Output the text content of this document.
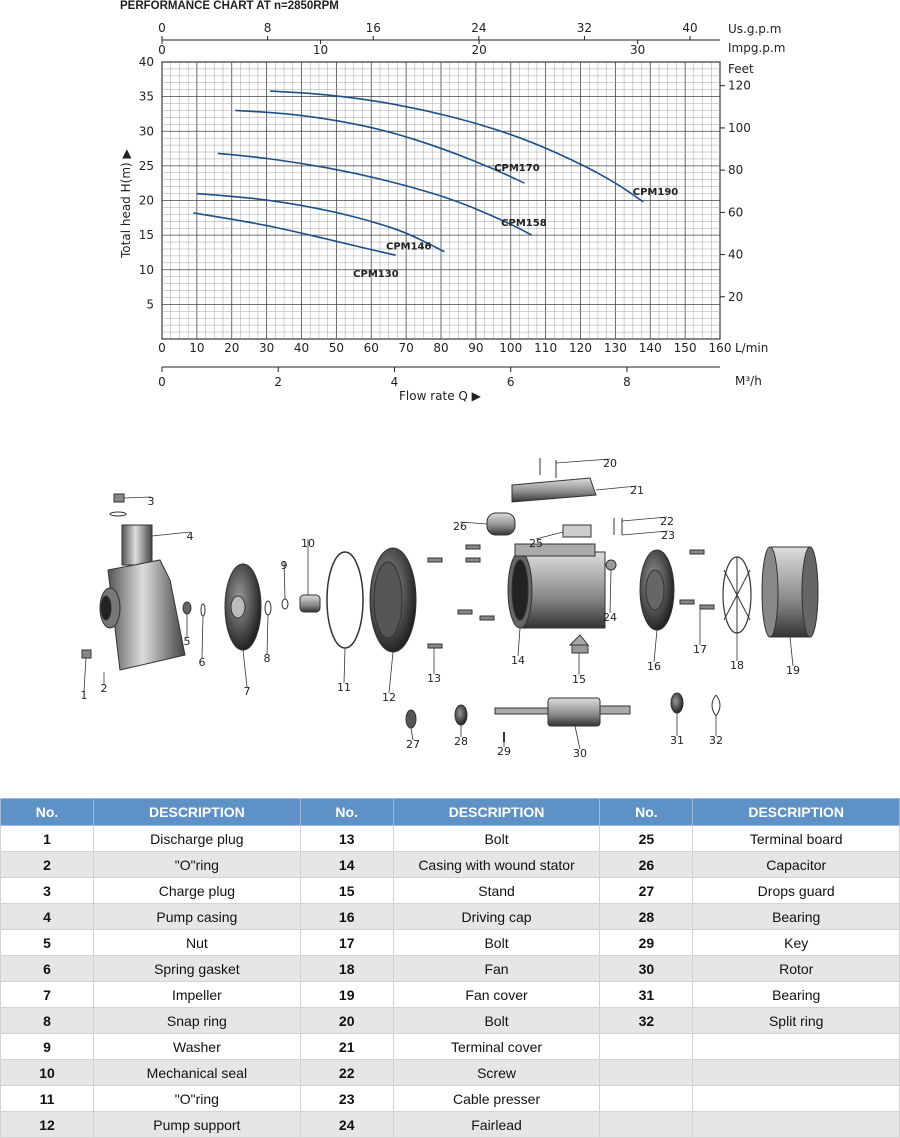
PERFORMANCE CHART AT n=2850RPM
5
10
15
20
25
30
35
40
0 10 20 30 40 50 60 70 80 90 100 110 120 130 140 150 160
0	8	16	24	32	40
0	10	20	30
20
40
60
80
100
120
0	2	4	6	8
CPM130
CPM146
CPM158
CPM170
CPM190
Us.g.p.m
Impg.p.m
Feet
L/min
M³/h
Flow rate Q ▶
Total head H(m) ▶
1
2
3
4
5
6
7
8
9
10
11
12
13
14
15
16
17
18	19
20
21
22
23
24
25
26
27	28
29	30
31 32
No.	DESCRIPTION	No.	DESCRIPTION	No.	DESCRIPTION
1	Discharge plug	13	Bolt	25	Terminal board
2	"O"ring	14	Casing with wound stator	26	Capacitor
3	Charge plug	15	Stand	27	Drops guard
4	Pump casing	16	Driving cap	28	Bearing
5	Nut	17	Bolt	29	Key
6	Spring gasket	18	Fan	30	Rotor
7	Impeller	19	Fan cover	31	Bearing
8	Snap ring	20	Bolt	32	Split ring
9	Washer	21	Terminal cover		
10	Mechanical seal	22	Screw		
11	"O"ring	23	Cable presser		
12	Pump support	24	Fairlead		
